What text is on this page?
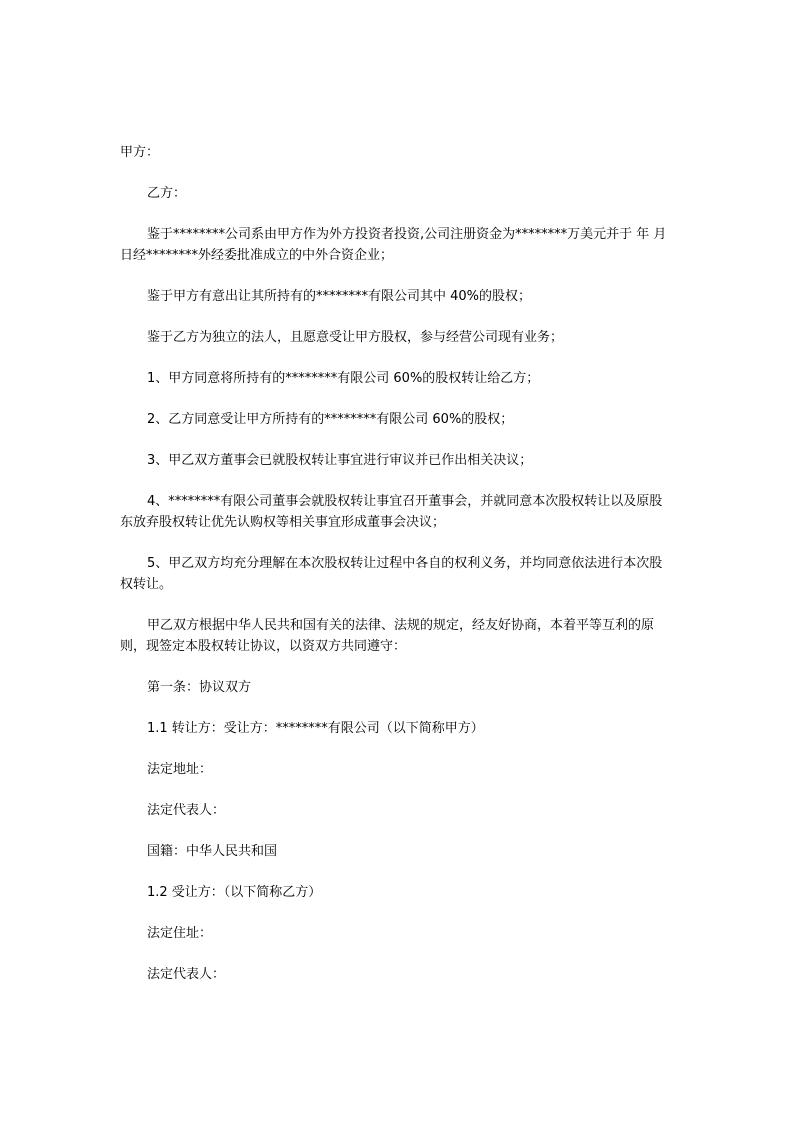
甲方：

乙方：

鉴于********公司系由甲方作为外方投资者投资,公司注册资金为********万美元并于 年 月 日经********外经委批准成立的中外合资企业；

鉴于甲方有意出让其所持有的********有限公司其中 40%的股权；

鉴于乙方为独立的法人，且愿意受让甲方股权，参与经营公司现有业务；

1、甲方同意将所持有的********有限公司 60%的股权转让给乙方；

2、乙方同意受让甲方所持有的********有限公司 60%的股权；

3、甲乙双方董事会已就股权转让事宜进行审议并已作出相关决议；

4、********有限公司董事会就股权转让事宜召开董事会，并就同意本次股权转让以及原股东放弃股权转让优先认购权等相关事宜形成董事会决议；

5、甲乙双方均充分理解在本次股权转让过程中各自的权利义务，并均同意依法进行本次股权转让。

甲乙双方根据中华人民共和国有关的法律、法规的规定，经友好协商，本着平等互利的原则，现签定本股权转让协议，以资双方共同遵守：

第一条：协议双方

1.1 转让方：受让方：********有限公司（以下简称甲方）

法定地址：

法定代表人：

国籍：中华人民共和国

1.2 受让方：（以下简称乙方）

法定住址：

法定代表人：
